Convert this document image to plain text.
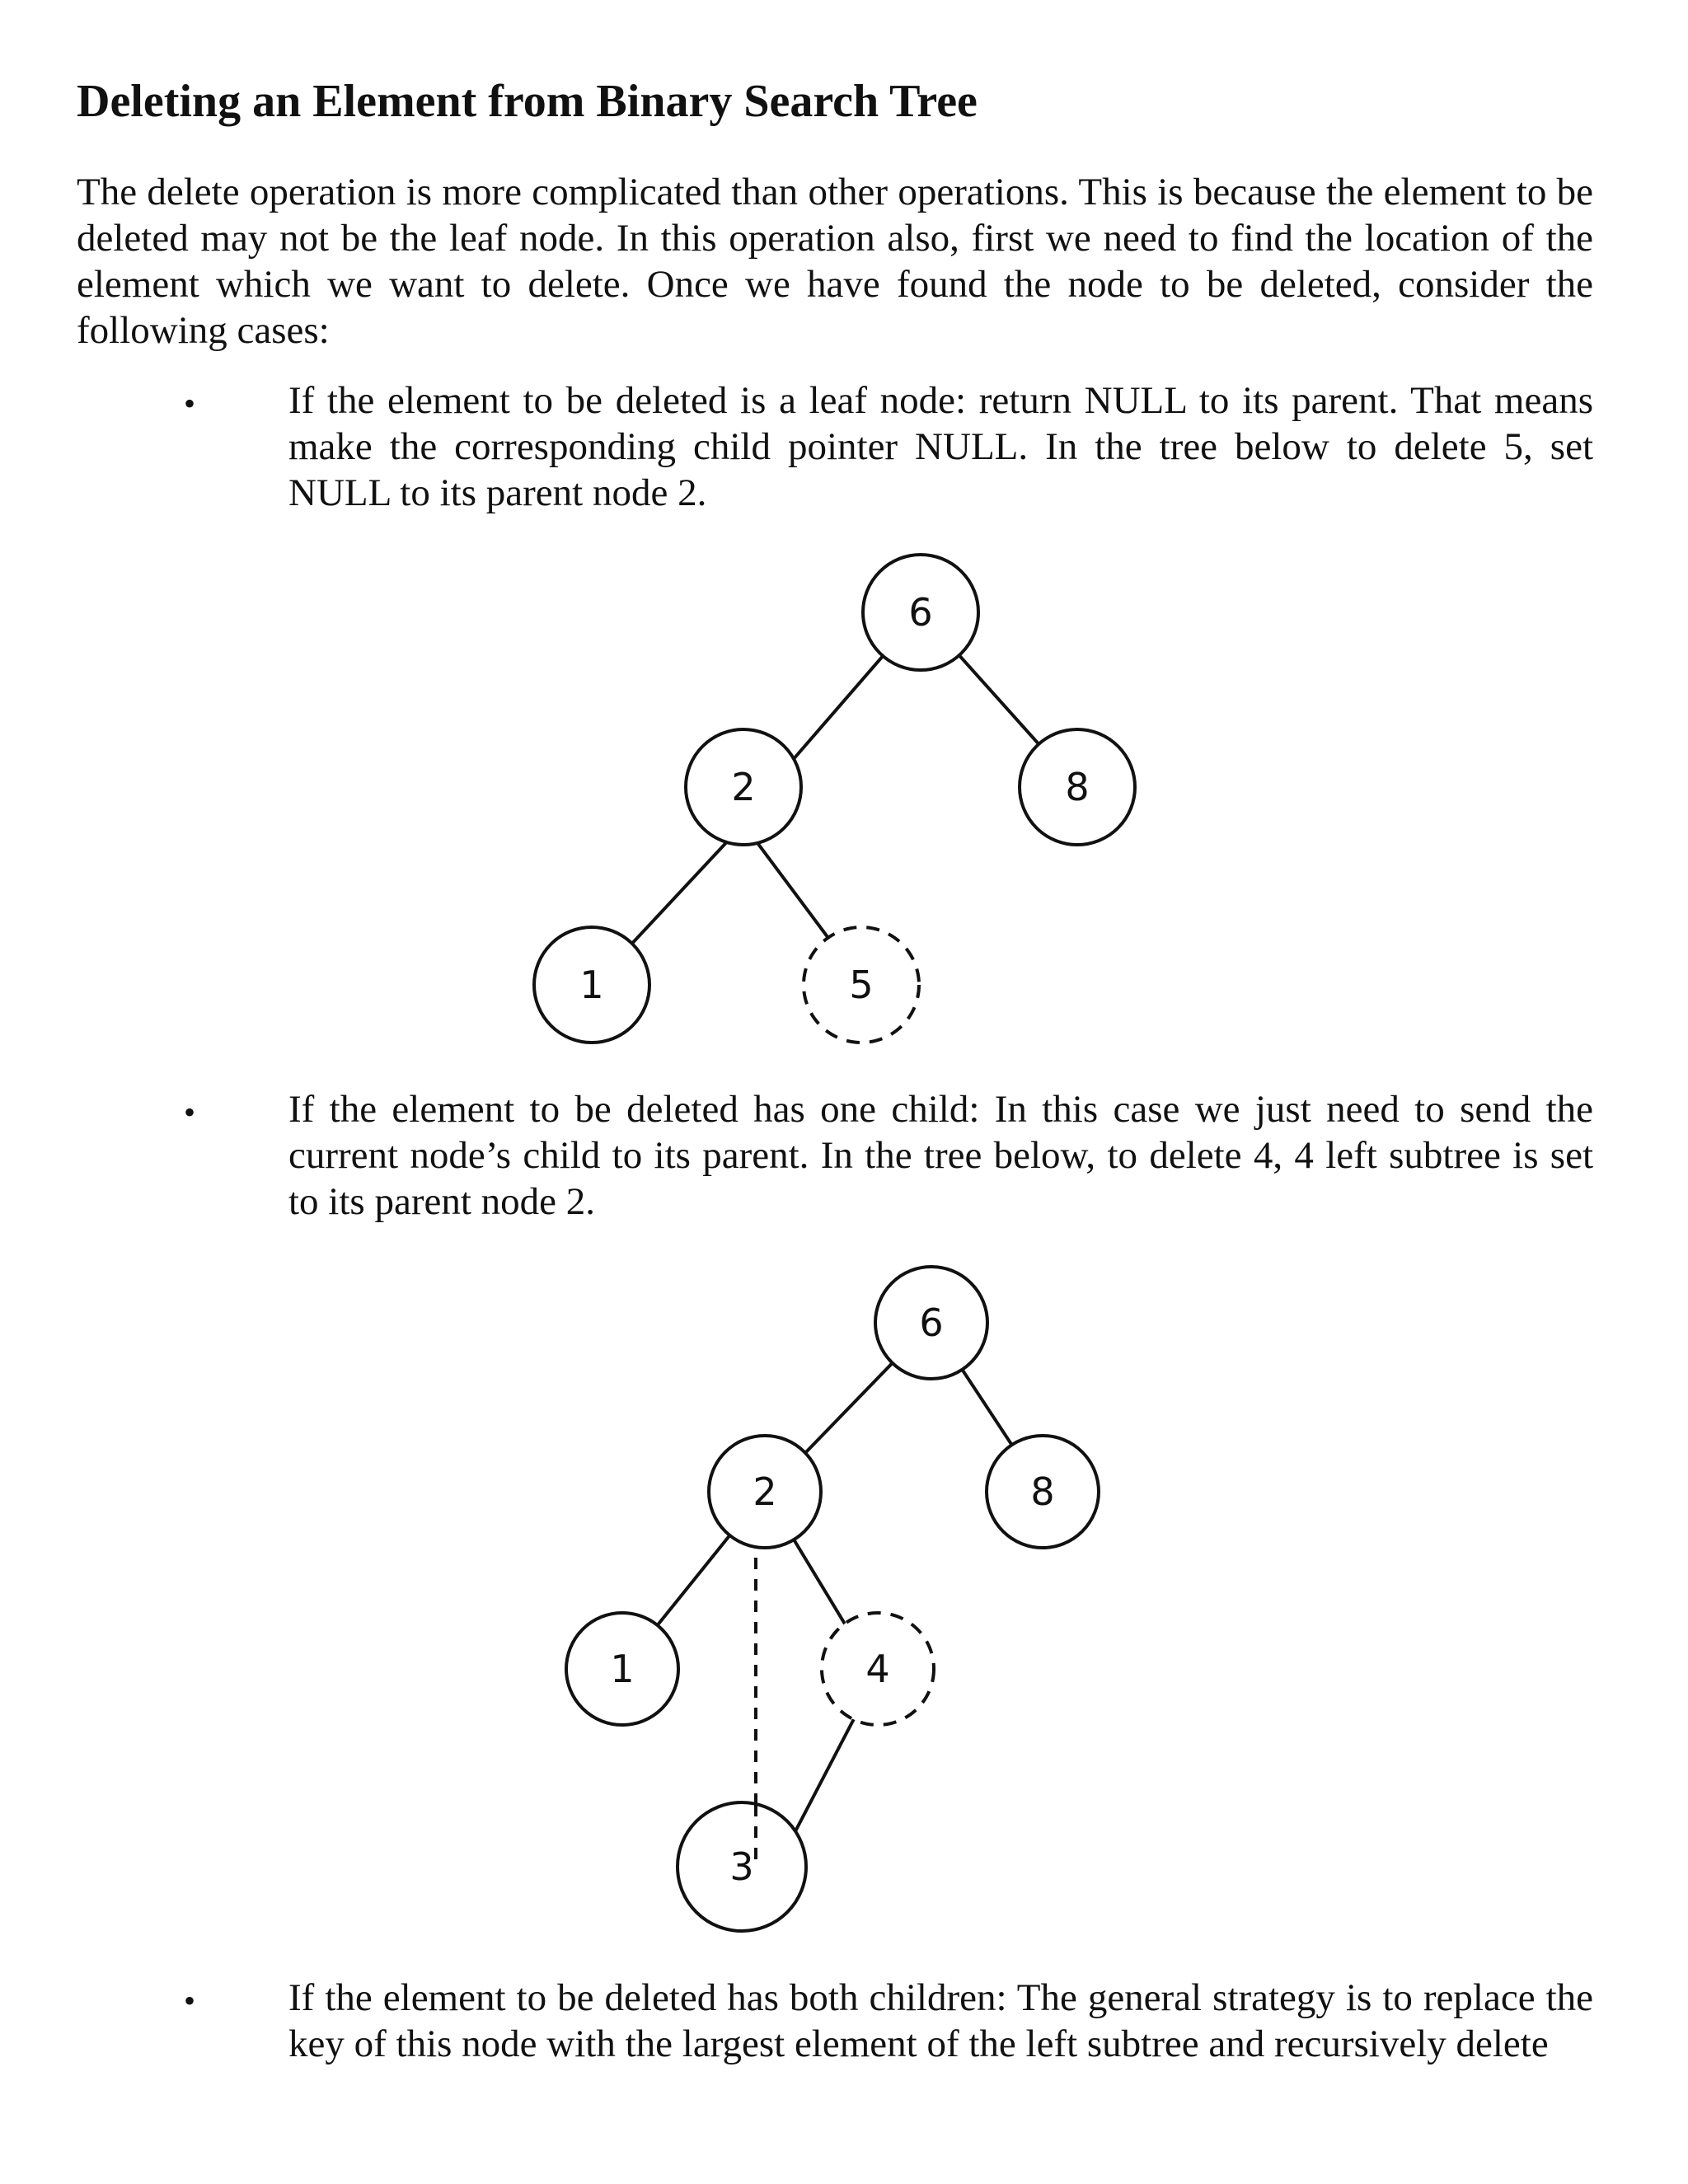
Deleting an Element from Binary Search Tree

The delete operation is more complicated than other operations. This is because the element to be deleted may not be the leaf node. In this operation also, first we need to find the location of the element which we want to delete. Once we have found the node to be deleted, consider the following cases:

•	If the element to be deleted is a leaf node: return NULL to its parent. That means make the corresponding child pointer NULL. In the tree below to delete 5, set NULL to its parent node 2.

6
2	8
1	5
•	If the element to be deleted has one child: In this case we just need to send the current node’s child to its parent. In the tree below, to delete 4, 4 left subtree is set to its parent node 2.

6
2	8
1	4
3
•	If the element to be deleted has both children: The general strategy is to replace the key of this node with the largest element of the left subtree and recursively delete
